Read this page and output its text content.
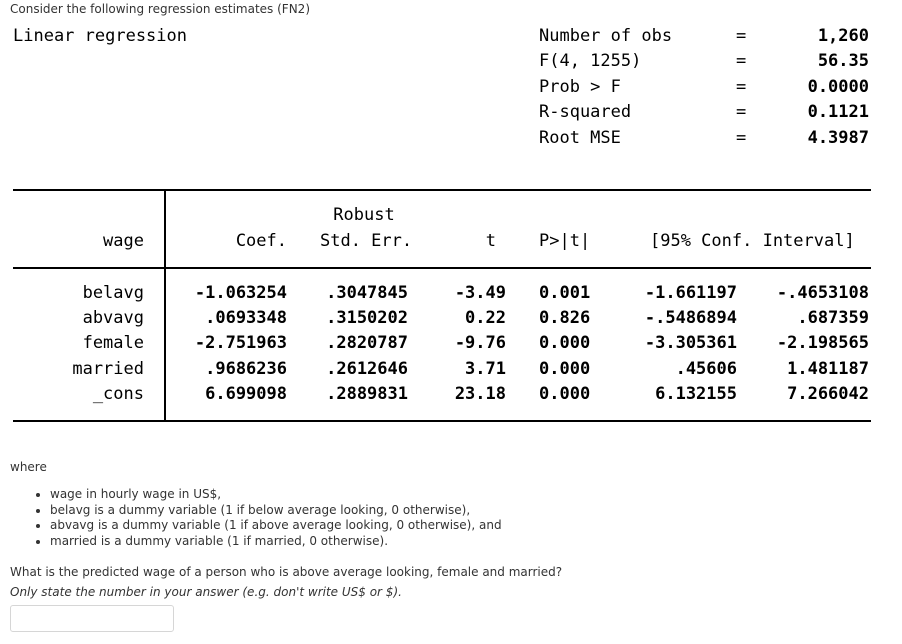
Consider the following regression estimates (FN2)
Linear regression	Number of obs	=	1,260
F(4, 1255)	=	56.35
Prob > F	=	0.0000
R-squared	=	0.1121
Root MSE	=	4.3987
Robust
wage	Coef. Std. Err.	t	P>|t|	[95% Conf. Interval]
belavg	-1.063254	.3047845	-3.49 0.001	-1.661197	-.4653108
abvavg	.0693348	.3150202	0.22 0.826	-.5486894	.687359
female	-2.751963	.2820787	-9.76 0.000	-3.305361	-2.198565
married	.9686236	.2612646	3.71 0.000	.45606	1.481187
_cons	6.699098	.2889831	23.18 0.000	6.132155	7.266042
where
• wage in hourly wage in US$,
• belavg is a dummy variable (1 if below average looking, 0 otherwise),
• abvavg is a dummy variable (1 if above average looking, 0 otherwise), and
• married is a dummy variable (1 if married, 0 otherwise).
What is the predicted wage of a person who is above average looking, female and married?
Only state the number in your answer (e.g. don't write US$ or $).
